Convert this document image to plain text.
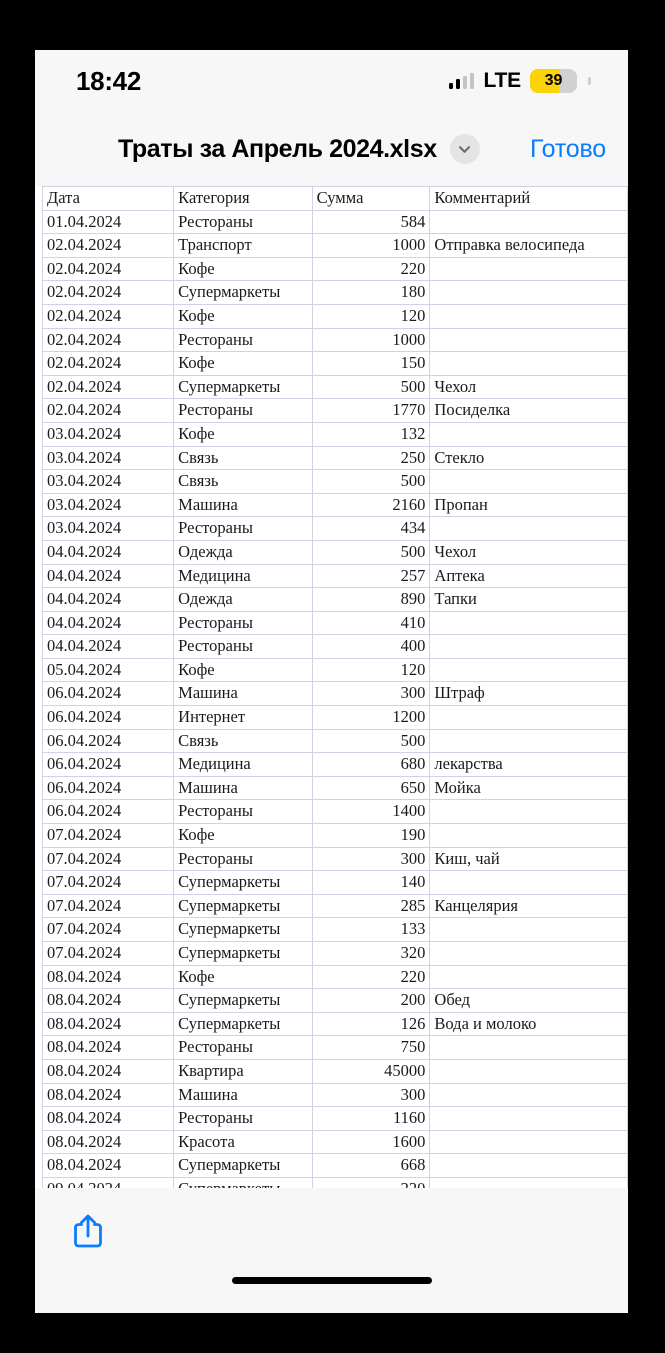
18:42	LTE	39
Траты за Апрель 2024.xlsx	Готово
Дата	Категория	Сумма	Комментарий
01.04.2024	Рестораны	584	
02.04.2024	Транспорт	1000	Отправка велосипеда
02.04.2024	Кофе	220	
02.04.2024	Супермаркеты	180	
02.04.2024	Кофе	120	
02.04.2024	Рестораны	1000	
02.04.2024	Кофе	150	
02.04.2024	Супермаркеты	500	Чехол
02.04.2024	Рестораны	1770	Посиделка
03.04.2024	Кофе	132	
03.04.2024	Связь	250	Стекло
03.04.2024	Связь	500	
03.04.2024	Машина	2160	Пропан
03.04.2024	Рестораны	434	
04.04.2024	Одежда	500	Чехол
04.04.2024	Медицина	257	Аптека
04.04.2024	Одежда	890	Тапки
04.04.2024	Рестораны	410	
04.04.2024	Рестораны	400	
05.04.2024	Кофе	120	
06.04.2024	Машина	300	Штраф
06.04.2024	Интернет	1200	
06.04.2024	Связь	500	
06.04.2024	Медицина	680	лекарства
06.04.2024	Машина	650	Мойка
06.04.2024	Рестораны	1400	
07.04.2024	Кофе	190	
07.04.2024	Рестораны	300	Киш, чай
07.04.2024	Супермаркеты	140	
07.04.2024	Супермаркеты	285	Канцелярия
07.04.2024	Супермаркеты	133	
07.04.2024	Супермаркеты	320	
08.04.2024	Кофе	220	
08.04.2024	Супермаркеты	200	Обед
08.04.2024	Супермаркеты	126	Вода и молоко
08.04.2024	Рестораны	750	
08.04.2024	Квартира	45000	
08.04.2024	Машина	300	
08.04.2024	Рестораны	1160	
08.04.2024	Красота	1600	
08.04.2024	Супермаркеты	668	
